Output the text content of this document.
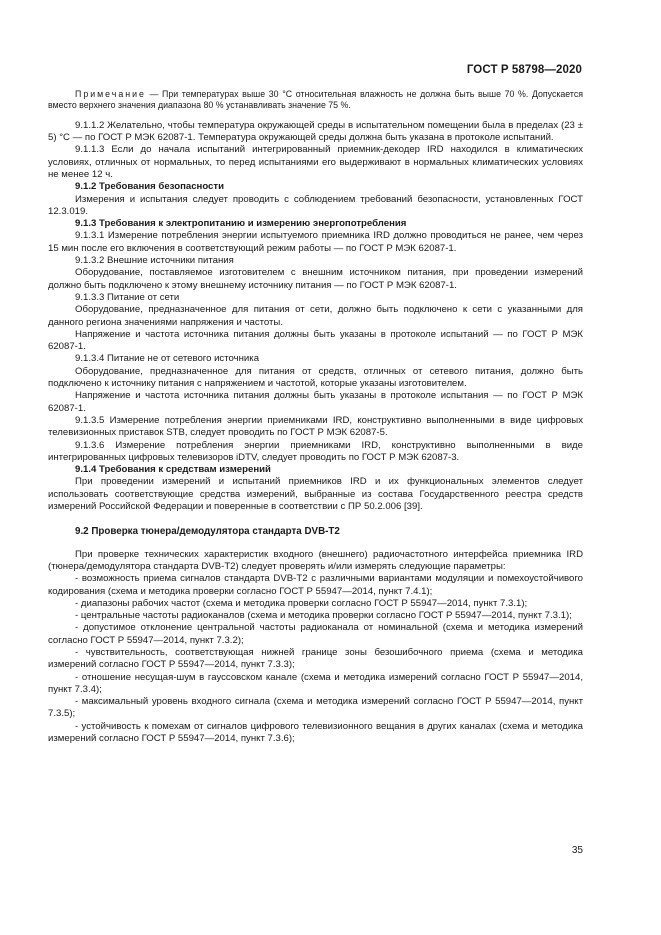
ГОСТ Р 58798—2020

Примечание — При температурах выше 30 °С относительная влажность не должна быть выше 70 %. Допускается вместо верхнего значения диапазона 80 % устанавливать значение 75 %.

9.1.1.2 Желательно, чтобы температура окружающей среды в испытательном помещении была в пределах (23 ± 5) °С — по ГОСТ Р МЭК 62087-1. Температура окружающей среды должна быть указана в протоколе испытаний.

9.1.1.3 Если до начала испытаний интегрированный приемник-декодер IRD находился в климатических условиях, отличных от нормальных, то перед испытаниями его выдерживают в нормальных климатических условиях не менее 12 ч.

9.1.2 Требования безопасности

Измерения и испытания следует проводить с соблюдением требований безопасности, установленных ГОСТ 12.3.019.

9.1.3 Требования к электропитанию и измерению энергопотребления

9.1.3.1 Измерение потребления энергии испытуемого приемника IRD должно проводиться не ранее, чем через 15 мин после его включения в соответствующий режим работы — по ГОСТ Р МЭК 62087-1.

9.1.3.2 Внешние источники питания

Оборудование, поставляемое изготовителем с внешним источником питания, при проведении измерений должно быть подключено к этому внешнему источнику питания — по ГОСТ Р МЭК 62087-1.

9.1.3.3 Питание от сети

Оборудование, предназначенное для питания от сети, должно быть подключено к сети с указанными для данного региона значениями напряжения и частоты.

Напряжение и частота источника питания должны быть указаны в протоколе испытаний — по ГОСТ Р МЭК 62087-1.

9.1.3.4 Питание не от сетевого источника

Оборудование, предназначенное для питания от средств, отличных от сетевого питания, должно быть подключено к источнику питания с напряжением и частотой, которые указаны изготовителем.

Напряжение и частота источника питания должны быть указаны в протоколе испытания — по ГОСТ Р МЭК 62087-1.

9.1.3.5 Измерение потребления энергии приемниками IRD, конструктивно выполненными в виде цифровых телевизионных приставок STB, следует проводить по ГОСТ Р МЭК 62087-5.

9.1.3.6 Измерение потребления энергии приемниками IRD, конструктивно выполненными в виде интегрированных цифровых телевизоров iDTV, следует проводить по ГОСТ Р МЭК 62087-3.

9.1.4 Требования к средствам измерений

При проведении измерений и испытаний приемников IRD и их функциональных элементов следует использовать соответствующие средства измерений, выбранные из состава Государственного реестра средств измерений Российской Федерации и поверенные в соответствии с ПР 50.2.006 [39].

9.2 Проверка тюнера/демодулятора стандарта DVB-T2

При проверке технических характеристик входного (внешнего) радиочастотного интерфейса приемника IRD (тюнера/демодулятора стандарта DVB-T2) следует проверять и/или измерять следующие параметры:

- возможность приема сигналов стандарта DVB-T2 с различными вариантами модуляции и помехоустойчивого кодирования (схема и методика проверки согласно ГОСТ Р 55947—2014, пункт 7.4.1);

- диапазоны рабочих частот (схема и методика проверки согласно ГОСТ Р 55947—2014, пункт 7.3.1);

- центральные частоты радиоканалов (схема и методика проверки согласно ГОСТ Р 55947—2014, пункт 7.3.1);

- допустимое отклонение центральной частоты радиоканала от номинальной (схема и методика измерений согласно ГОСТ Р 55947—2014, пункт 7.3.2);

- чувствительность, соответствующая нижней границе зоны безошибочного приема (схема и методика измерений согласно ГОСТ Р 55947—2014, пункт 7.3.3);

- отношение несущая-шум в гауссовском канале (схема и методика измерений согласно ГОСТ Р 55947—2014, пункт 7.3.4);

- максимальный уровень входного сигнала (схема и методика измерений согласно ГОСТ Р 55947—2014, пункт 7.3.5);

- устойчивость к помехам от сигналов цифрового телевизионного вещания в других каналах (схема и методика измерений согласно ГОСТ Р 55947—2014, пункт 7.3.6);

35
